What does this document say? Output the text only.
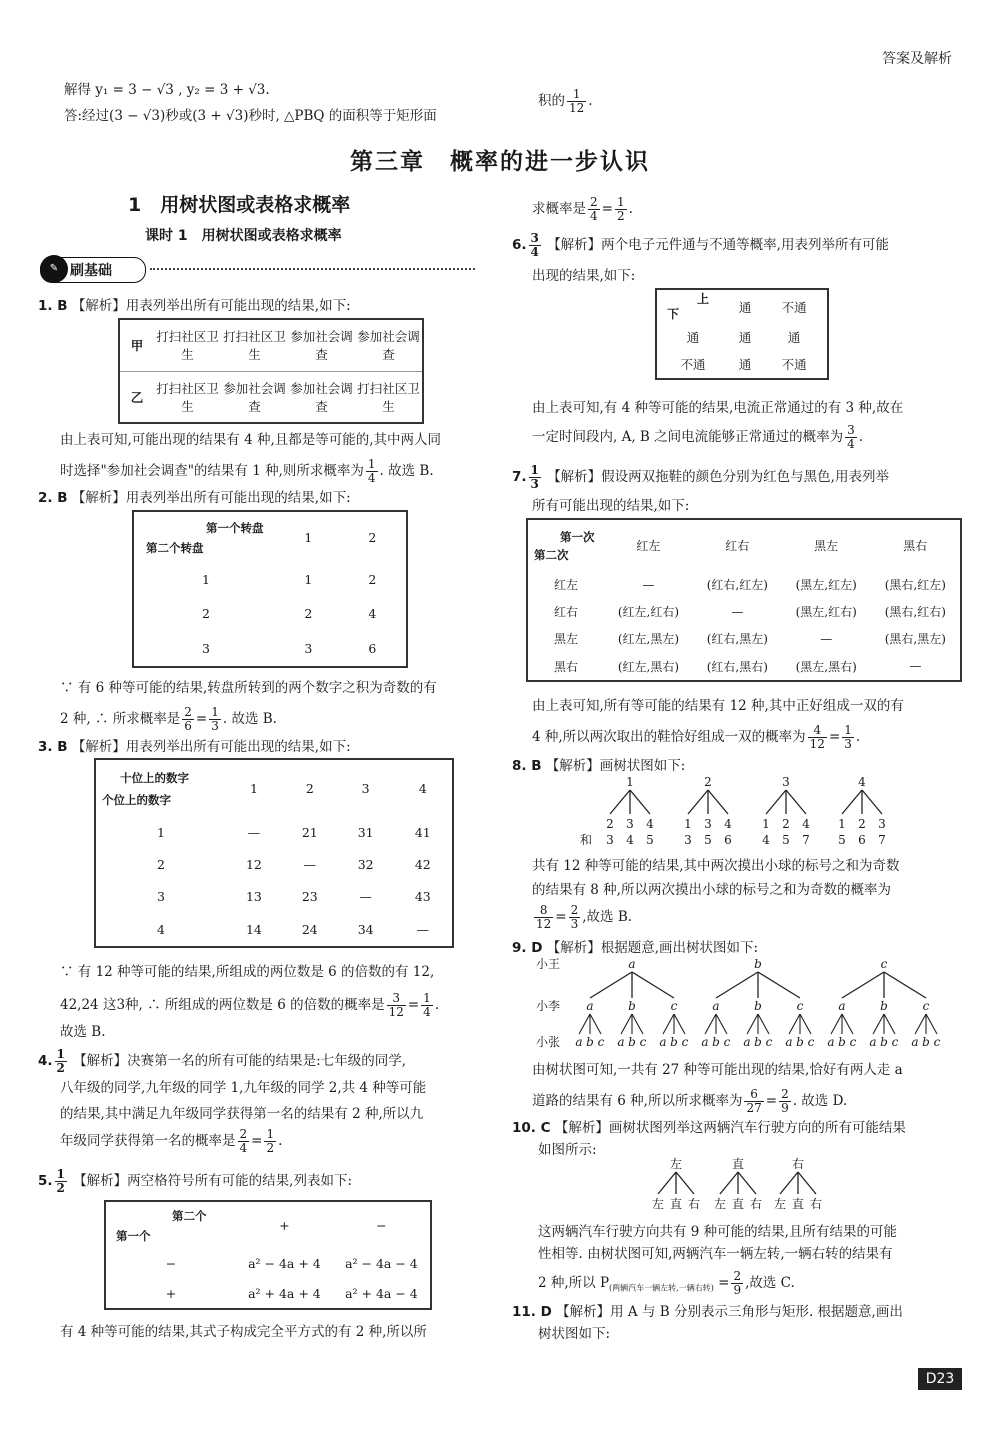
答案及解析
解得 y₁ = 3 − √3 , y₂ = 3 + √3.
答:经过(3 − √3)秒或(3 + √3)秒时, △PBQ 的面积等于矩形面
积的 $\frac{1}{12}$ .
第三章　概率的进一步认识
1　用树状图或表格求概率
课时 1　用树状图或表格求概率
✎ 刷基础
1. B 【解析】用表列举出所有可能出现的结果,如下:
甲	打扫社区卫生	打扫社区卫生	参加社会调查	参加社会调查
乙	打扫社区卫生	参加社会调查	参加社会调查	打扫社区卫生
由上表可知,可能出现的结果有 4 种,且都是等可能的,其中两人同
时选择"参加社会调查"的结果有 1 种,则所求概率为 $\frac{1}{4}$ . 故选 B.
2. B 【解析】用表列举出所有可能出现的结果,如下:
第一个转盘
第二个转盘	1	2
1	1	2
2	2	4
3	3	6
∵ 有 6 种等可能的结果,转盘所转到的两个数字之积为奇数的有
2 种, ∴ 所求概率是 $\frac{2}{6} = \frac{1}{3}$ . 故选 B.
3. B 【解析】用表列举出所有可能出现的结果,如下:
十位上的数字
个位上的数字	1	2	3	4
1	—	21	31	41
2	12	—	32	42
3	13	23	—	43
4	14	24	34	—
∵ 有 12 种等可能的结果,所组成的两位数是 6 的倍数的有 12,
42,24 这3种, ∴ 所组成的两位数是 6 的倍数的概率是 $\frac{3}{12} = \frac{1}{4}$ .
故选 B.
4. $\frac{1}{2}$ 【解析】决赛第一名的所有可能的结果是:七年级的同学,
八年级的同学,九年级的同学 1,九年级的同学 2,共 4 种等可能
的结果,其中满足九年级同学获得第一名的结果有 2 种,所以九
年级同学获得第一名的概率是 $\frac{2}{4} = \frac{1}{2}$ .
5. $\frac{1}{2}$ 【解析】两空格符号所有可能的结果,列表如下:
第二个
第一个	+	−
−	a² − 4a + 4	a² − 4a − 4
+	a² + 4a + 4	a² + 4a − 4
有 4 种等可能的结果,其式子构成完全平方式的有 2 种,所以所
求概率是 $\frac{2}{4} = \frac{1}{2}$ .
6. $\frac{3}{4}$ 【解析】两个电子元件通与不通等概率,用表列举所有可能
出现的结果,如下:
上
下	通	不通
通	通	通
不通	通	不通
由上表可知,有 4 种等可能的结果,电流正常通过的有 3 种,故在
一定时间段内, A, B 之间电流能够正常通过的概率为 $\frac{3}{4}$ .
7. $\frac{1}{3}$ 【解析】假设两双拖鞋的颜色分别为红色与黑色,用表列举
所有可能出现的结果,如下:
第一次
第二次	红左	红右	黑左	黑右
红左	—	(红右,红左)	(黑左,红左)	(黑右,红左)
红右	(红左,红右)	—	(黑左,红右)	(黑右,红右)
黑左	(红左,黑左)	(红右,黑左)	—	(黑右,黑左)
黑右	(红左,黑右)	(红右,黑右)	(黑左,黑右)	—
由上表可知,所有等可能的结果有 12 种,其中正好组成一双的有
4 种,所以两次取出的鞋恰好组成一双的概率为 $\frac{4}{12} = \frac{1}{3}$ .
8. B 【解析】画树状图如下:
和
1
2
3
3
4
4
5
2
1
3
3
5
4
6
3
1
4
2
5
4
7
4
1
5
2
6
3
7
共有 12 种等可能的结果,其中两次摸出小球的标号之和为奇数
的结果有 8 种,所以两次摸出小球的标号之和为奇数的概率为
$\frac{8}{12} = \frac{2}{3}$ ,故选 B.
9. D 【解析】根据题意,画出树状图如下:
小王
小李
小张
a
a
a b c
b
a b c
c
a b c
b
a
a b c
b
a b c
c
a b c
c
a
a b c
b
a b c
c
a b c
由树状图可知,一共有 27 种等可能出现的结果,恰好有两人走 a
道路的结果有 6 种,所以所求概率为 $\frac{6}{27} = \frac{2}{9}$ . 故选 D.
10. C 【解析】画树状图列举这两辆汽车行驶方向的所有可能结果
如图所示:
左
左 直 右
直
左 直 右
右
左 直 右
这两辆汽车行驶方向共有 9 种可能的结果,且所有结果的可能
性相等. 由树状图可知,两辆汽车一辆左转,一辆右转的结果有
2 种,所以 $P_{(两辆汽车一辆左转,一辆右转)} = \frac{2}{9}$ ,故选 C.
11. D 【解析】用 A 与 B 分别表示三角形与矩形. 根据题意,画出
树状图如下:
D23
